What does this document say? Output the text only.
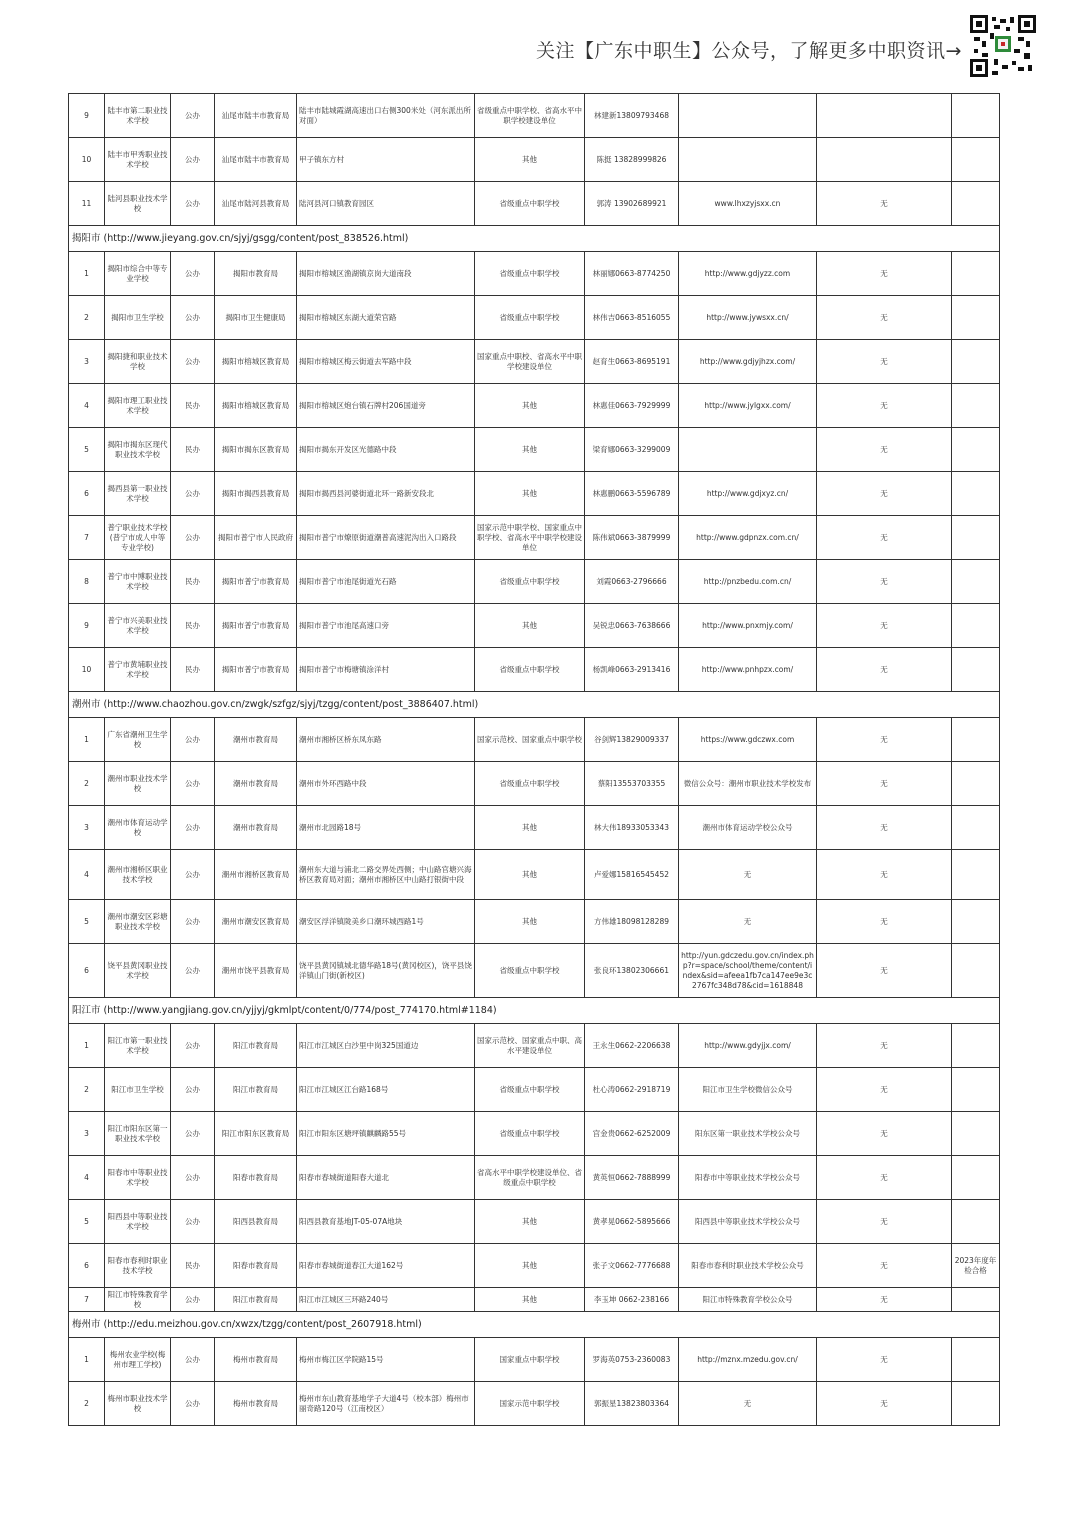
关注【广东中职生】公众号，了解更多中职资讯→
9	陆丰市第二职业技术学校	公办	汕尾市陆丰市教育局	陆丰市陆城霞湖高速出口右侧300米处（河东派出所对面）	省级重点中职学校、省高水平中职学校建设单位	林建新13809793468			
10	陆丰市甲秀职业技术学校	公办	汕尾市陆丰市教育局	甲子镇东方村	其他	陈挺 13828999826			
11	陆河县职业技术学校	公办	汕尾市陆河县教育局	陆河县河口镇教育园区	省级重点中职学校	郭涛 13902689921	www.lhxzyjsxx.cn	无	
揭阳市 (http://www.jieyang.gov.cn/sjyj/gsgg/content/post_838526.html)									
1	揭阳市综合中等专业学校	公办	揭阳市教育局	揭阳市榕城区渔湖镇京岗大道南段	省级重点中职学校	林丽娜0663-8774250	http://www.gdjyzz.com	无	
2	揭阳市卫生学校	公办	揭阳市卫生健康局	揭阳市榕城区东湖大道荣官路	省级重点中职学校	林伟吉0663-8516055	http://www.jywsxx.cn/	无	
3	揭阳捷和职业技术学校	公办	揭阳市榕城区教育局	揭阳市榕城区梅云街道去军路中段	国家重点中职校、省高水平中职学校建设单位	赵育生0663-8695191	http://www.gdjyjhzx.com/	无	
4	揭阳市理工职业技术学校	民办	揭阳市榕城区教育局	揭阳市榕城区炮台镇石牌村206国道旁	其他	林惠佳0663-7929999	http://www.jylgxx.com/	无	
5	揭阳市揭东区现代职业技术学校	民办	揭阳市揭东区教育局	揭阳市揭东开发区光德路中段	其他	梁育娜0663-3299009		无	
6	揭西县第一职业技术学校	公办	揭阳市揭西县教育局	揭阳市揭西县河婆街道北环一路新安段北	其他	林惠鹏0663-5596789	http://www.gdjxyz.cn/	无	
7	普宁职业技术学校(普宁市成人中等专业学校)	公办	揭阳市普宁市人民政府	揭阳市普宁市燎原街道潮普高速泥沟出入口路段	国家示范中职学校、国家重点中职学校、省高水平中职学校建设单位	陈伟斌0663-3879999	http://www.gdpnzx.com.cn/	无	
8	普宁市中博职业技术学校	民办	揭阳市普宁市教育局	揭阳市普宁市池尾街道光石路	省级重点中职学校	刘霞0663-2796666	http://pnzbedu.com.cn/	无	
9	普宁市兴美职业技术学校	民办	揭阳市普宁市教育局	揭阳市普宁市池尾高速口旁	其他	吴锐忠0663-7638666	http://www.pnxmjy.com/	无	
10	普宁市黄埔职业技术学校	民办	揭阳市普宁市教育局	揭阳市普宁市梅塘镇涂洋村	省级重点中职学校	杨凯峰0663-2913416	http://www.pnhpzx.com/	无	
潮州市 (http://www.chaozhou.gov.cn/zwgk/szfgz/sjyj/tzgg/content/post_3886407.html)									
1	广东省潮州卫生学校	公办	潮州市教育局	潮州市湘桥区桥东凤东路	国家示范校、国家重点中职学校	谷剑辉13829009337	https://www.gdczwx.com	无	
2	潮州市职业技术学校	公办	潮州市教育局	潮州市外环西路中段	省级重点中职学校	蔡阳13553703355	微信公众号：潮州市职业技术学校发布	无	
3	潮州市体育运动学校	公办	潮州市教育局	潮州市北园路18号	其他	林大伟18933053343	潮州市体育运动学校公众号	无	
4	潮州市湘桥区职业技术学校	公办	潮州市湘桥区教育局	潮州东大道与浦北二路交界处西侧；中山路官塘兴海桥区教育局对面；潮州市湘桥区中山路打银街中段	其他	卢爱娜15816545452	无	无	
5	潮州市潮安区彩塘职业技术学校	公办	潮州市潮安区教育局	潮安区浮洋镇陇美乡口潮环城西路1号	其他	方伟雄18098128289	无	无	
6	饶平县黄冈职业技术学校	公办	潮州市饶平县教育局	饶平县黄冈镇城北德华路18号(黄冈校区)，饶平县饶洋镇山门街(新校区)	省级重点中职学校	张良环13802306661	http://yun.gdczedu.gov.cn/index.php?r=space/school/theme/content/index&sid=afeea1fb7ca147ee9e3c2767fc348d78&cid=1618848	无	
阳江市 (http://www.yangjiang.gov.cn/yjjyj/gkmlpt/content/0/774/post_774170.html#1184)									
1	阳江市第一职业技术学校	公办	阳江市教育局	阳江市江城区白沙里中岗325国道边	国家示范校、国家重点中职、高水平建设单位	王永生0662-2206638	http://www.gdyjjx.com/	无	
2	阳江市卫生学校	公办	阳江市教育局	阳江市江城区江台路168号	省级重点中职学校	杜心涛0662-2918719	阳江市卫生学校微信公众号	无	
3	阳江市阳东区第一职业技术学校	公办	阳江市阳东区教育局	阳江市阳东区塘坪镇麒麟路55号	省级重点中职学校	宫金贵0662-6252009	阳东区第一职业技术学校公众号	无	
4	阳春市中等职业技术学校	公办	阳春市教育局	阳春市春城街道阳春大道北	省高水平中职学校建设单位、省级重点中职学校	黄英恒0662-7888999	阳春市中等职业技术学校公众号	无	
5	阳西县中等职业技术学校	公办	阳西县教育局	阳西县教育基地JT-05-07A地块	其他	黄孝晃0662-5895666	阳西县中等职业技术学校公众号	无	
6	阳春市春利时职业技术学校	民办	阳春市教育局	阳春市春城街道春江大道162号	其他	张子文0662-7776688	阳春市春利时职业技术学校公众号	无	2023年度年检合格
7	阳江市特殊教育学校	公办	阳江市教育局	阳江市江城区三环路240号	其他	李玉坤 0662-238166	阳江市特殊教育学校公众号	无	
梅州市 (http://edu.meizhou.gov.cn/xwzx/tzgg/content/post_2607918.html)									
1	梅州农业学校(梅州市理工学校)	公办	梅州市教育局	梅州市梅江区学院路15号	国家重点中职学校	罗海英0753-2360083	http://mznx.mzedu.gov.cn/	无	
2	梅州市职业技术学校	公办	梅州市教育局	梅州市东山教育基地学子大道4号（校本部）梅州市丽奇路120号（江南校区）	国家示范中职学校	郭振星13823803364	无	无	
